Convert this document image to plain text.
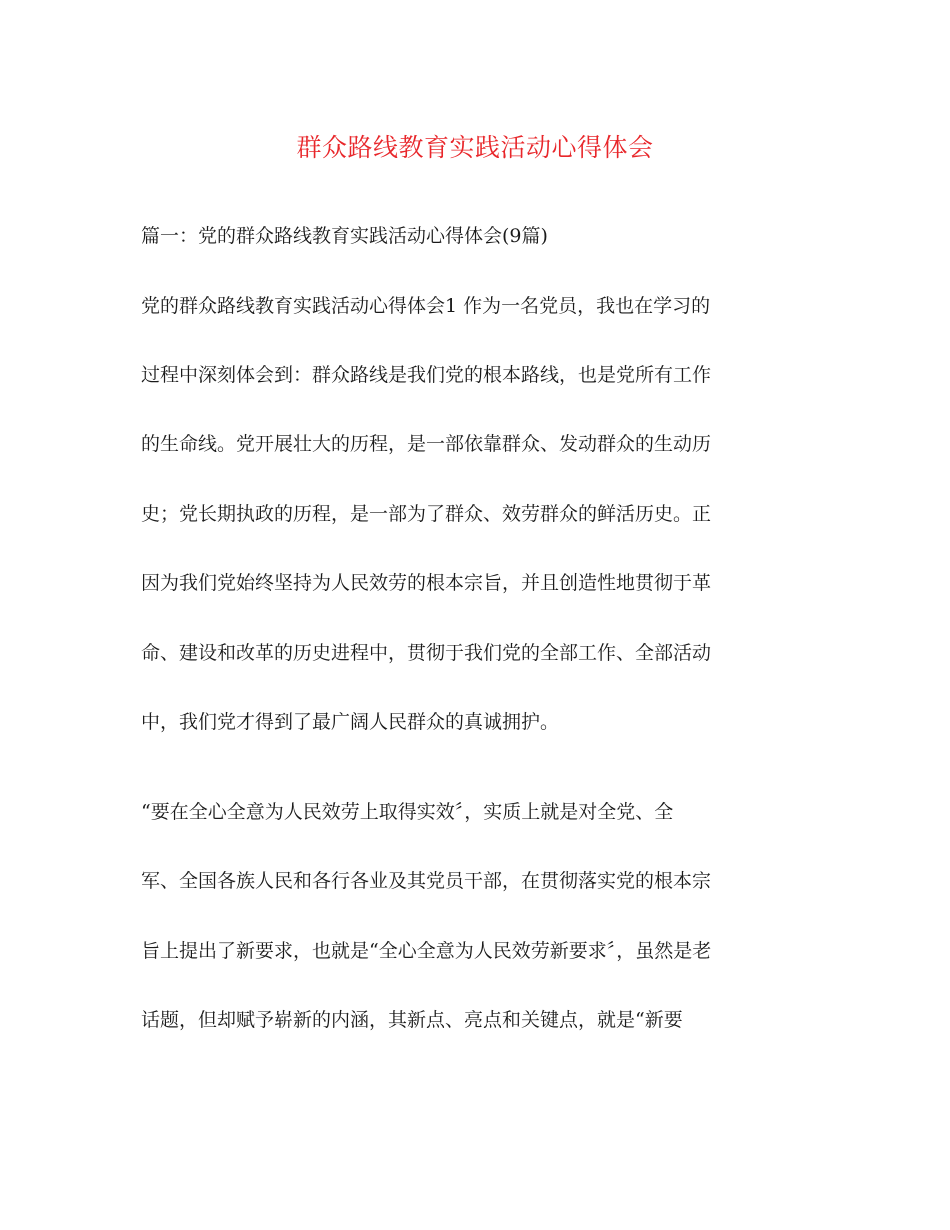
群众路线教育实践活动心得体会
篇一：党的群众路线教育实践活动心得体会(9篇)
党的群众路线教育实践活动心得体会1 作为一名党员，我也在学习的
过程中深刻体会到：群众路线是我们党的根本路线，也是党所有工作
的生命线。党开展壮大的历程，是一部依靠群众、发动群众的生动历
史；党长期执政的历程，是一部为了群众、效劳群众的鲜活历史。正
因为我们党始终坚持为人民效劳的根本宗旨，并且创造性地贯彻于革
命、建设和改革的历史进程中，贯彻于我们党的全部工作、全部活动
中，我们党才得到了最广阔人民群众的真诚拥护。
“要在全心全意为人民效劳上取得实效〞，实质上就是对全党、全
军、全国各族人民和各行各业及其党员干部，在贯彻落实党的根本宗
旨上提出了新要求，也就是“全心全意为人民效劳新要求〞，虽然是老
话题，但却赋予崭新的内涵，其新点、亮点和关键点，就是“新要
